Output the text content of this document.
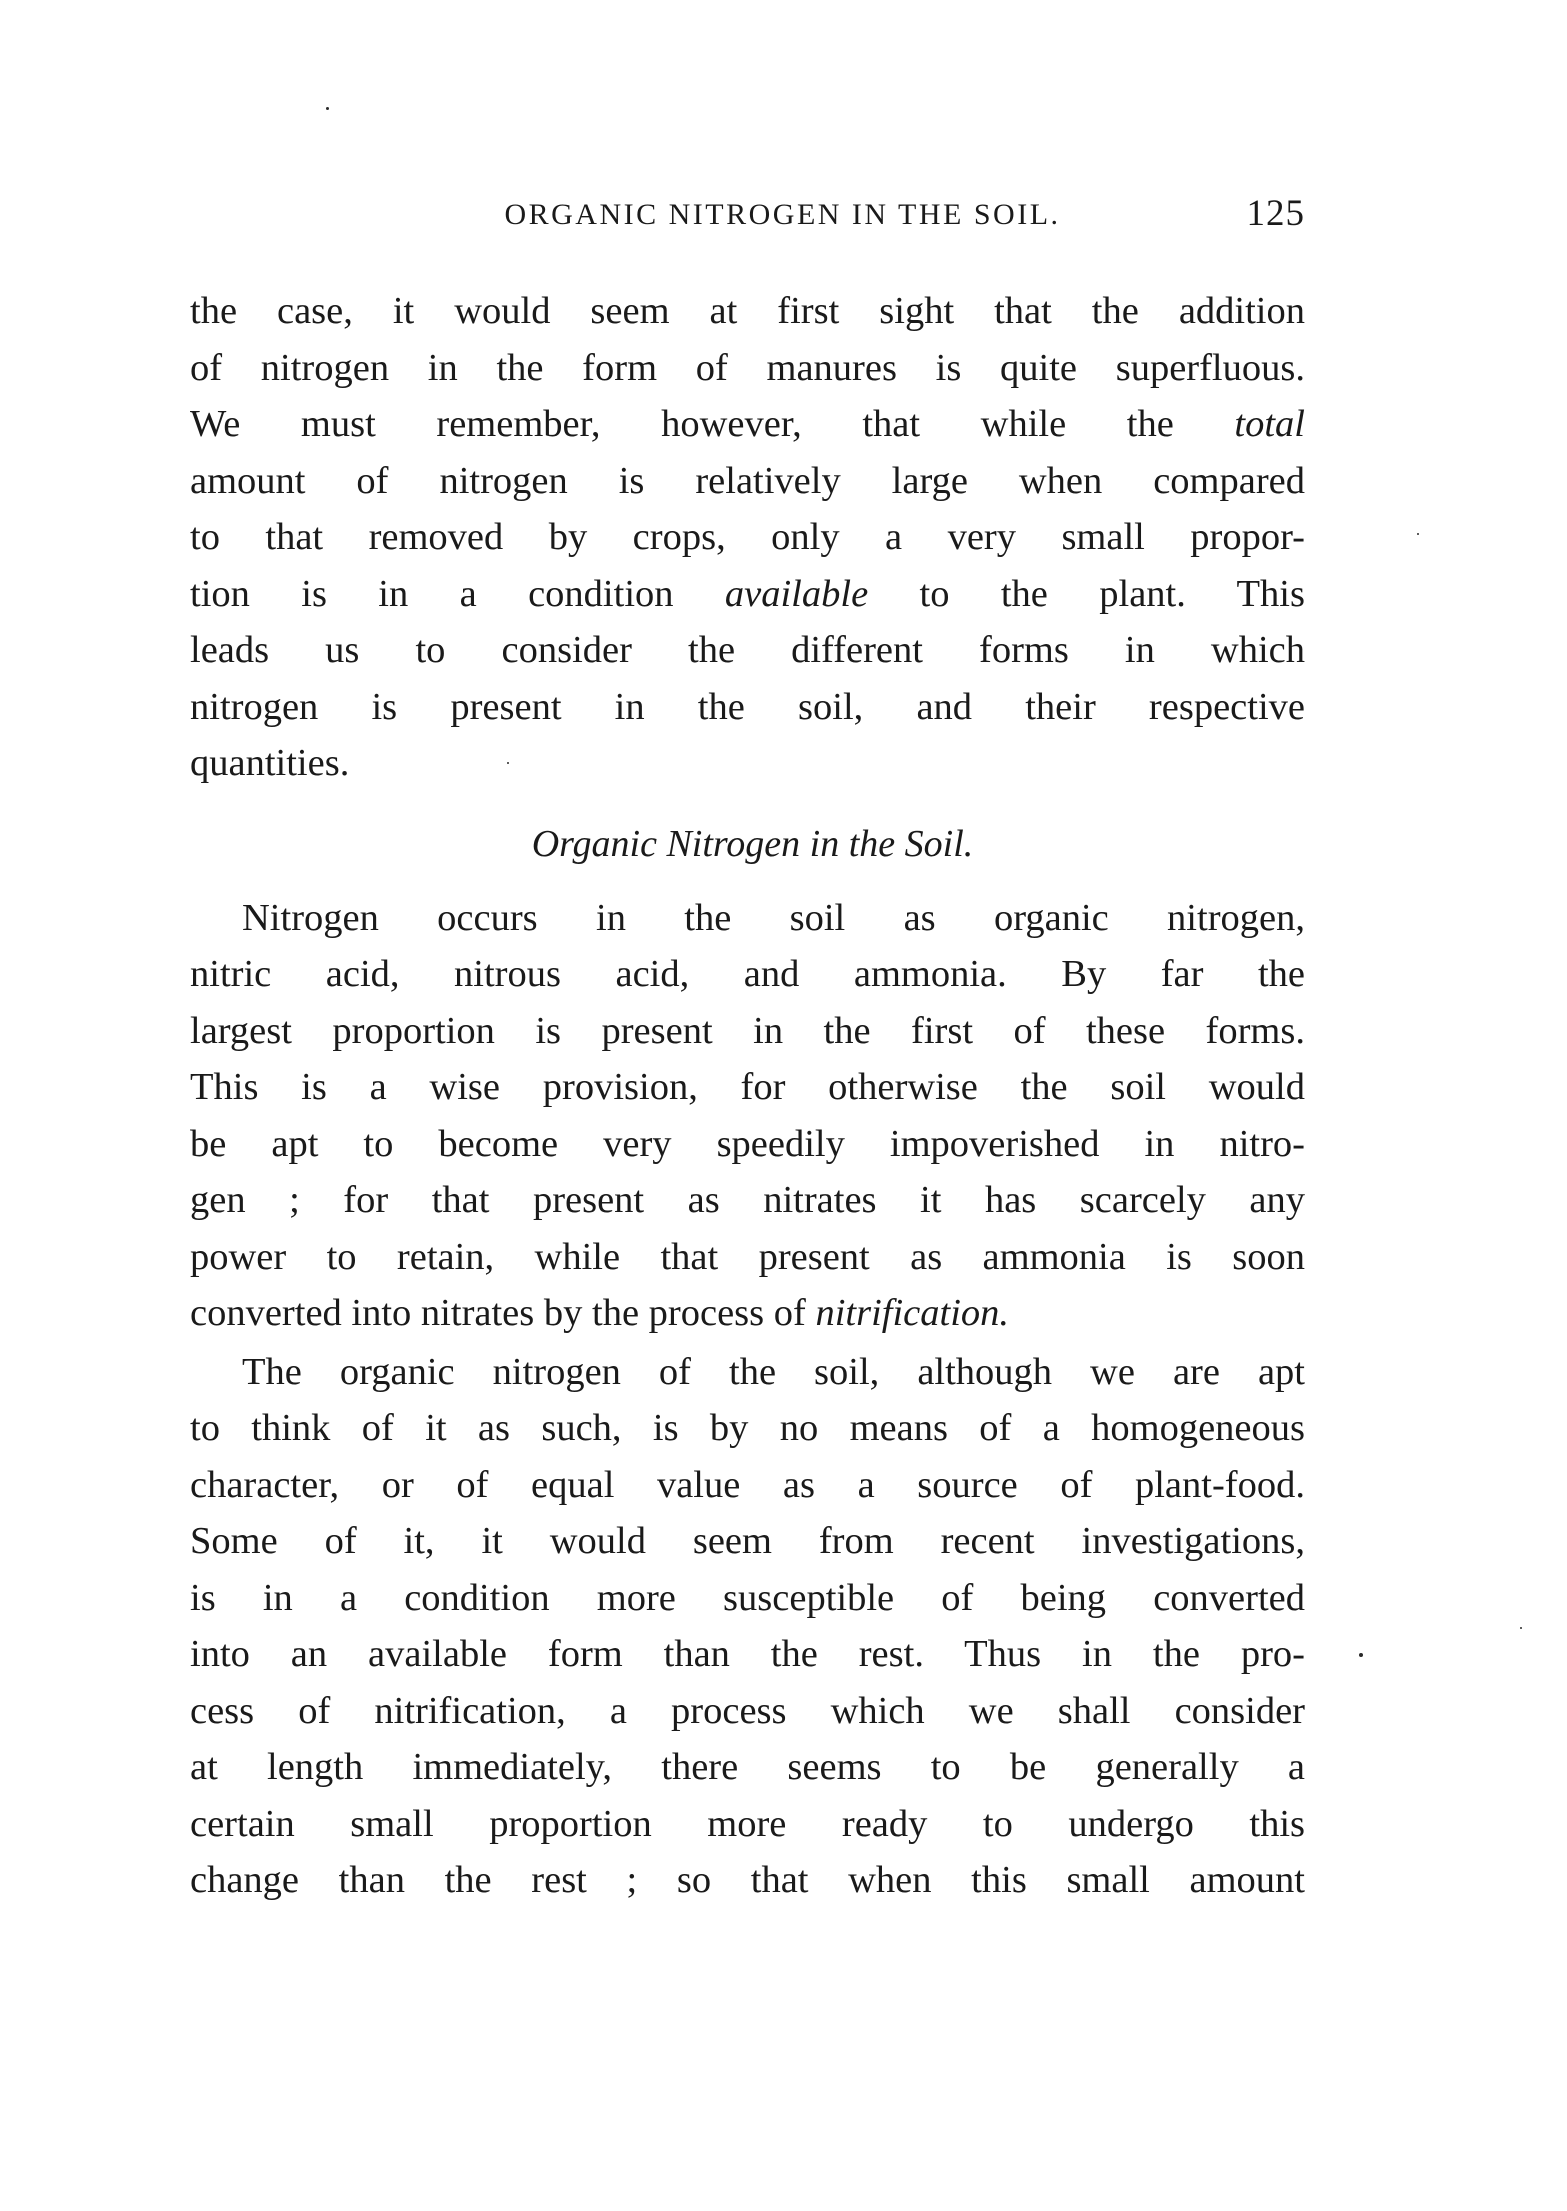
ORGANIC NITROGEN IN THE SOIL.	125
the case, it would seem at first sight that the addition
of nitrogen in the form of manures is quite superfluous.
We must remember, however, that while the total
amount of nitrogen is relatively large when compared
to that removed by crops, only a very small propor-
tion is in a condition available to the plant. This
leads us to consider the different forms in which
nitrogen is present in the soil, and their respective
quantities.
Organic Nitrogen in the Soil.
Nitrogen occurs in the soil as organic nitrogen,
nitric acid, nitrous acid, and ammonia. By far the
largest proportion is present in the first of these forms.
This is a wise provision, for otherwise the soil would
be apt to become very speedily impoverished in nitro-
gen ; for that present as nitrates it has scarcely any
power to retain, while that present as ammonia is soon
converted into nitrates by the process of nitrification.
The organic nitrogen of the soil, although we are apt
to think of it as such, is by no means of a homogeneous
character, or of equal value as a source of plant-food.
Some of it, it would seem from recent investigations,
is in a condition more susceptible of being converted
into an available form than the rest. Thus in the pro-
cess of nitrification, a process which we shall consider
at length immediately, there seems to be generally a
certain small proportion more ready to undergo this
change than the rest ; so that when this small amount
